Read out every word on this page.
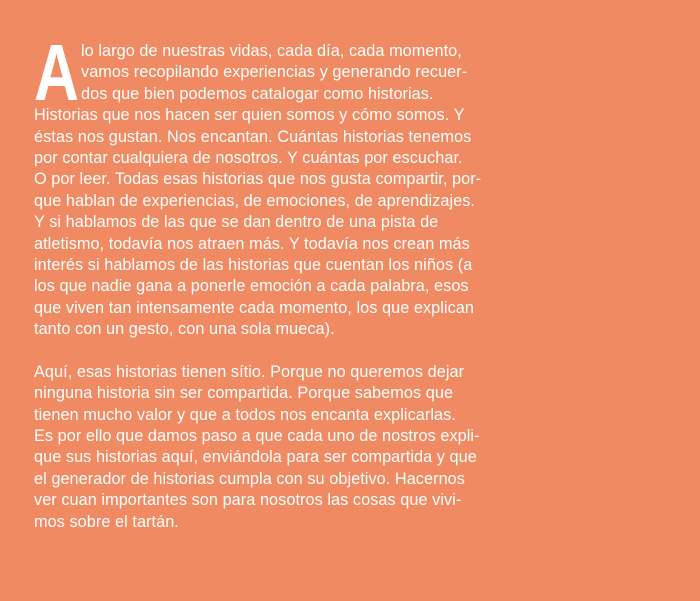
A lo largo de nuestras vidas, cada día, cada momento,
vamos recopilando experiencias y generando recuer-
dos que bien podemos catalogar como historias.
Historias que nos hacen ser quien somos y cómo somos. Y
éstas nos gustan. Nos encantan. Cuántas historias tenemos
por contar cualquiera de nosotros. Y cuántas por escuchar.
O por leer. Todas esas historias que nos gusta compartir, por-
que hablan de experiencias, de emociones, de aprendizajes.
Y si hablamos de las que se dan dentro de una pista de
atletismo, todavía nos atraen más. Y todavía nos crean más
interés si hablamos de las historias que cuentan los niños (a
los que nadie gana a ponerle emoción a cada palabra, esos
que viven tan intensamente cada momento, los que explican
tanto con un gesto, con una sola mueca).
Aquí, esas historias tienen sítio. Porque no queremos dejar
ninguna historia sin ser compartida. Porque sabemos que
tienen mucho valor y que a todos nos encanta explicarlas.
Es por ello que damos paso a que cada uno de nostros expli-
que sus historias aquí, enviándola para ser compartida y que
el generador de historias cumpla con su objetivo. Hacernos
ver cuan importantes son para nosotros las cosas que vivi-
mos sobre el tartán.
